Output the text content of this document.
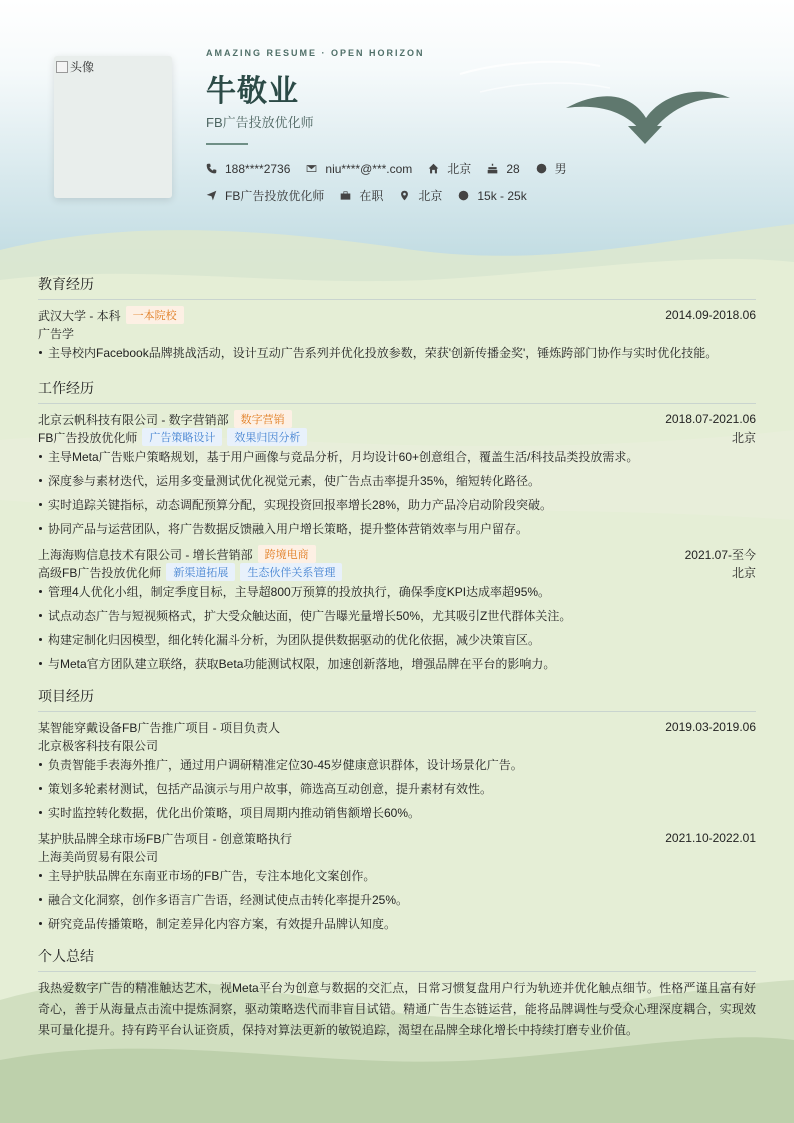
头像
AMAZING RESUME · OPEN HORIZON
牛敬业
FB广告投放优化师
188****2736	niu****@***.com	北京	28	男
FB广告投放优化师	在职	北京	15k - 25k
教育经历
武汉大学 - 本科	一本院校	2014.09-2018.06
广告学
主导校内Facebook品牌挑战活动，设计互动广告系列并优化投放参数，荣获'创新传播金奖'，锤炼跨部门协作与实时优化技能。
工作经历
北京云帆科技有限公司 - 数字营销部	数字营销	2018.07-2021.06
FB广告投放优化师	广告策略设计	效果归因分析	北京
主导Meta广告账户策略规划，基于用户画像与竞品分析，月均设计60+创意组合，覆盖生活/科技品类投放需求。
深度参与素材迭代，运用多变量测试优化视觉元素，使广告点击率提升35%，缩短转化路径。
实时追踪关键指标，动态调配预算分配，实现投资回报率增长28%，助力产品冷启动阶段突破。
协同产品与运营团队，将广告数据反馈融入用户增长策略，提升整体营销效率与用户留存。
上海海购信息技术有限公司 - 增长营销部	跨境电商	2021.07-至今
高级FB广告投放优化师	新渠道拓展	生态伙伴关系管理	北京
管理4人优化小组，制定季度目标，主导超800万预算的投放执行，确保季度KPI达成率超95%。
试点动态广告与短视频格式，扩大受众触达面，使广告曝光量增长50%，尤其吸引Z世代群体关注。
构建定制化归因模型，细化转化漏斗分析，为团队提供数据驱动的优化依据，减少决策盲区。
与Meta官方团队建立联络，获取Beta功能测试权限，加速创新落地，增强品牌在平台的影响力。
项目经历
某智能穿戴设备FB广告推广项目 - 项目负责人	2019.03-2019.06
北京极客科技有限公司
负责智能手表海外推广，通过用户调研精准定位30-45岁健康意识群体，设计场景化广告。
策划多轮素材测试，包括产品演示与用户故事，筛选高互动创意，提升素材有效性。
实时监控转化数据，优化出价策略，项目周期内推动销售额增长60%。
某护肤品牌全球市场FB广告项目 - 创意策略执行	2021.10-2022.01
上海美尚贸易有限公司
主导护肤品牌在东南亚市场的FB广告，专注本地化文案创作。
融合文化洞察，创作多语言广告语，经测试使点击转化率提升25%。
研究竞品传播策略，制定差异化内容方案，有效提升品牌认知度。
个人总结
我热爱数字广告的精准触达艺术，视Meta平台为创意与数据的交汇点，日常习惯复盘用户行为轨迹并优化触点细节。性格严谨且富有好奇心，善于从海量点击流中提炼洞察，驱动策略迭代而非盲目试错。精通广告生态链运营，能将品牌调性与受众心理深度耦合，实现效果可量化提升。持有跨平台认证资质，保持对算法更新的敏锐追踪，渴望在品牌全球化增长中持续打磨专业价值。
